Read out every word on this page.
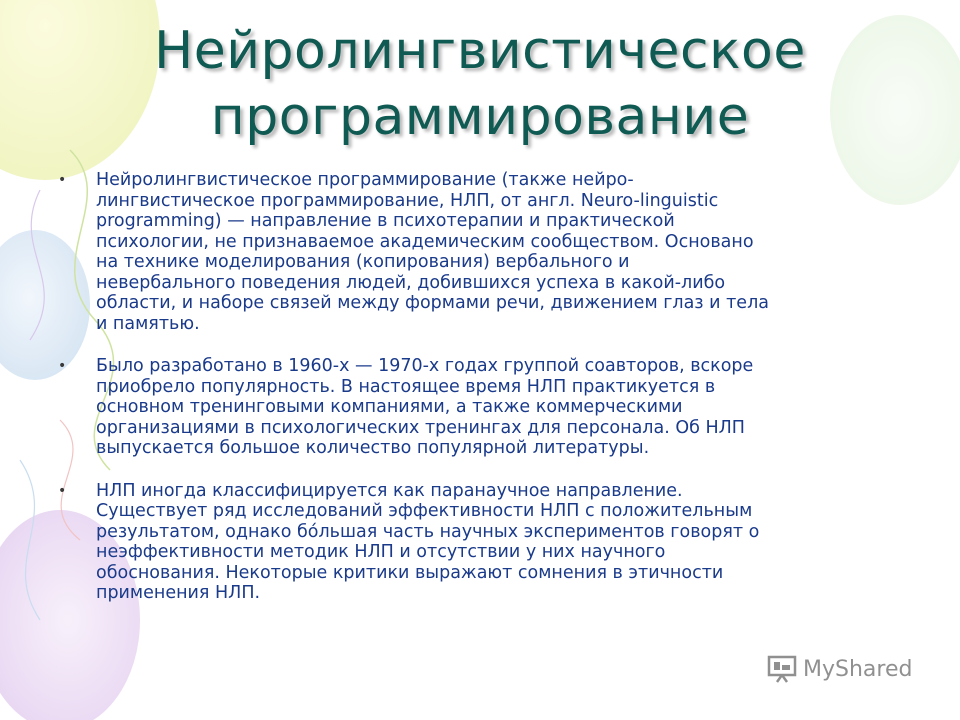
Нейролингвистическое
программирование
• Нейролингвистическое программирование (также нейро-
лингвистическое программирование, НЛП, от англ. Neuro-linguistic
programming) — направление в психотерапии и практической
психологии, не признаваемое академическим сообществом. Основано
на технике моделирования (копирования) вербального и
невербального поведения людей, добившихся успеха в какой-либо
области, и наборе связей между формами речи, движением глаз и тела
и памятью.
• Было разработано в 1960-х — 1970-х годах группой соавторов, вскоре
приобрело популярность. В настоящее время НЛП практикуется в
основном тренинговыми компаниями, а также коммерческими
организациями в психологических тренингах для персонала. Об НЛП
выпускается большое количество популярной литературы.
• НЛП иногда классифицируется как паранаучное направление.
Существует ряд исследований эффективности НЛП с положительным
результатом, однако бо́льшая часть научных экспериментов говорят о
неэффективности методик НЛП и отсутствии у них научного
обоснования. Некоторые критики выражают сомнения в этичности
применения НЛП.
MyShared
